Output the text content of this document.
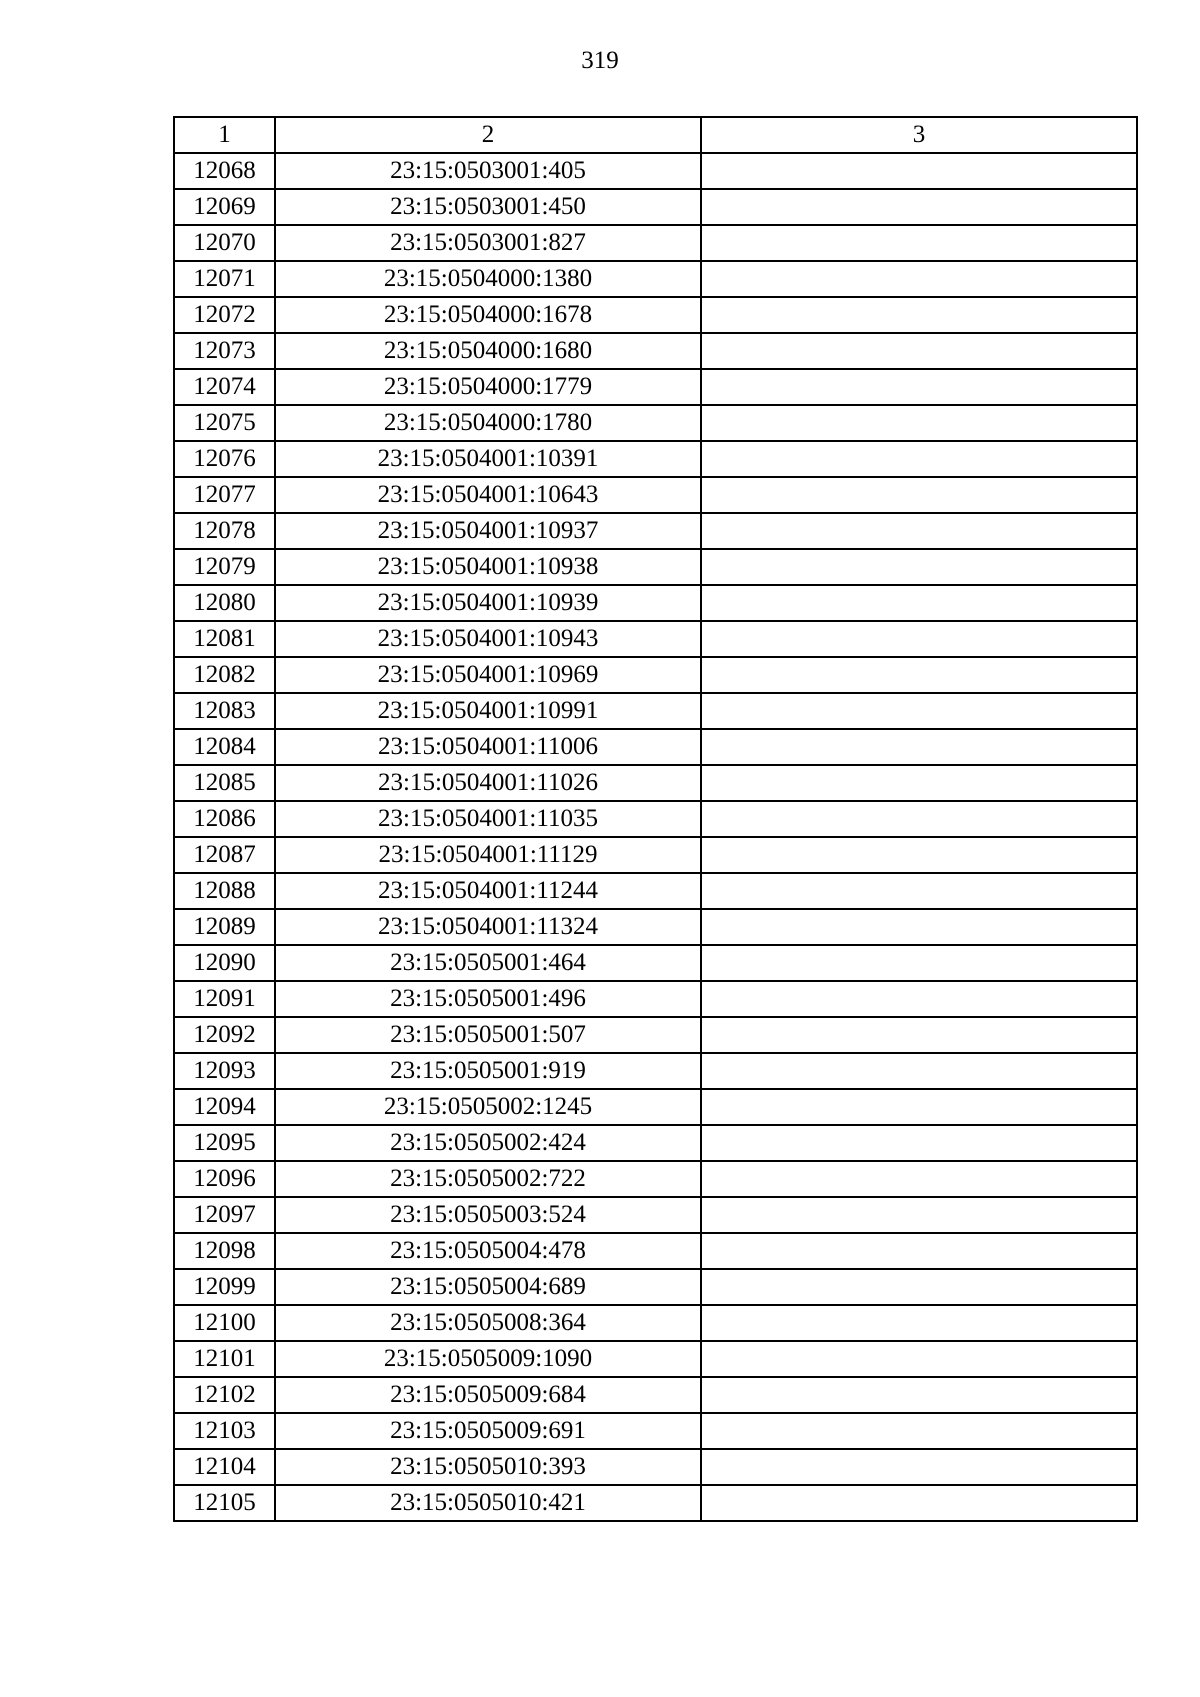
319
1	2	3
12068	23:15:0503001:405	
12069	23:15:0503001:450	
12070	23:15:0503001:827	
12071	23:15:0504000:1380	
12072	23:15:0504000:1678	
12073	23:15:0504000:1680	
12074	23:15:0504000:1779	
12075	23:15:0504000:1780	
12076	23:15:0504001:10391	
12077	23:15:0504001:10643	
12078	23:15:0504001:10937	
12079	23:15:0504001:10938	
12080	23:15:0504001:10939	
12081	23:15:0504001:10943	
12082	23:15:0504001:10969	
12083	23:15:0504001:10991	
12084	23:15:0504001:11006	
12085	23:15:0504001:11026	
12086	23:15:0504001:11035	
12087	23:15:0504001:11129	
12088	23:15:0504001:11244	
12089	23:15:0504001:11324	
12090	23:15:0505001:464	
12091	23:15:0505001:496	
12092	23:15:0505001:507	
12093	23:15:0505001:919	
12094	23:15:0505002:1245	
12095	23:15:0505002:424	
12096	23:15:0505002:722	
12097	23:15:0505003:524	
12098	23:15:0505004:478	
12099	23:15:0505004:689	
12100	23:15:0505008:364	
12101	23:15:0505009:1090	
12102	23:15:0505009:684	
12103	23:15:0505009:691	
12104	23:15:0505010:393	
12105	23:15:0505010:421	
